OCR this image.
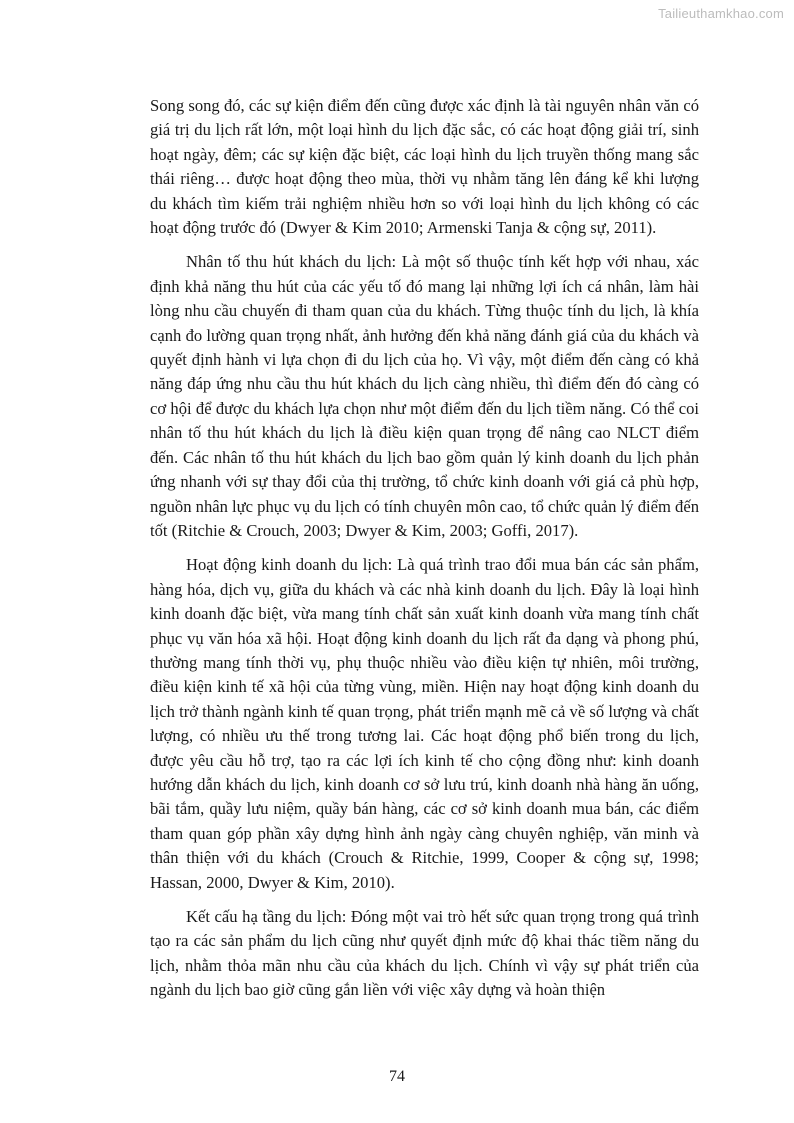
Tailieuthamkhao.com

Song song đó, các sự kiện điểm đến cũng được xác định là tài nguyên nhân văn có giá trị du lịch rất lớn, một loại hình du lịch đặc sắc, có các hoạt động giải trí, sinh hoạt ngày, đêm; các sự kiện đặc biệt, các loại hình du lịch truyền thống mang sắc thái riêng… được hoạt động theo mùa, thời vụ nhằm tăng lên đáng kể khi lượng du khách tìm kiếm trải nghiệm nhiều hơn so với loại hình du lịch không có các hoạt động trước đó (Dwyer & Kim 2010; Armenski Tanja & cộng sự, 2011).

Nhân tố thu hút khách du lịch: Là một số thuộc tính kết hợp với nhau, xác định khả năng thu hút của các yếu tố đó mang lại những lợi ích cá nhân, làm hài lòng nhu cầu chuyến đi tham quan của du khách. Từng thuộc tính du lịch, là khía cạnh đo lường quan trọng nhất, ảnh hưởng đến khả năng đánh giá của du khách và quyết định hành vi lựa chọn đi du lịch của họ. Vì vậy, một điểm đến càng có khả năng đáp ứng nhu cầu thu hút khách du lịch càng nhiều, thì điểm đến đó càng có cơ hội để được du khách lựa chọn như một điểm đến du lịch tiềm năng. Có thể coi nhân tố thu hút khách du lịch là điều kiện quan trọng để nâng cao NLCT điểm đến. Các nhân tố thu hút khách du lịch bao gồm quản lý kinh doanh du lịch phản ứng nhanh với sự thay đổi của thị trường, tổ chức kinh doanh với giá cả phù hợp, nguồn nhân lực phục vụ du lịch có tính chuyên môn cao, tổ chức quản lý điểm đến tốt (Ritchie & Crouch, 2003; Dwyer & Kim, 2003; Goffi, 2017).

Hoạt động kinh doanh du lịch: Là quá trình trao đổi mua bán các sản phẩm, hàng hóa, dịch vụ, giữa du khách và các nhà kinh doanh du lịch. Đây là loại hình kinh doanh đặc biệt, vừa mang tính chất sản xuất kinh doanh vừa mang tính chất phục vụ văn hóa xã hội. Hoạt động kinh doanh du lịch rất đa dạng và phong phú, thường mang tính thời vụ, phụ thuộc nhiều vào điều kiện tự nhiên, môi trường, điều kiện kinh tế xã hội của từng vùng, miền. Hiện nay hoạt động kinh doanh du lịch trở thành ngành kinh tế quan trọng, phát triển mạnh mẽ cả về số lượng và chất lượng, có nhiều ưu thế trong tương lai. Các hoạt động phổ biến trong du lịch, được yêu cầu hỗ trợ, tạo ra các lợi ích kinh tế cho cộng đồng như: kinh doanh hướng dẫn khách du lịch, kinh doanh cơ sở lưu trú, kinh doanh nhà hàng ăn uống, bãi tắm, quầy lưu niệm, quầy bán hàng, các cơ sở kinh doanh mua bán, các điểm tham quan góp phần xây dựng hình ảnh ngày càng chuyên nghiệp, văn minh và thân thiện với du khách (Crouch & Ritchie, 1999, Cooper & cộng sự, 1998; Hassan, 2000, Dwyer & Kim, 2010).

Kết cấu hạ tầng du lịch: Đóng một vai trò hết sức quan trọng trong quá trình tạo ra các sản phẩm du lịch cũng như quyết định mức độ khai thác tiềm năng du lịch, nhằm thỏa mãn nhu cầu của khách du lịch. Chính vì vậy sự phát triển của ngành du lịch bao giờ cũng gắn liền với việc xây dựng và hoàn thiện

74
